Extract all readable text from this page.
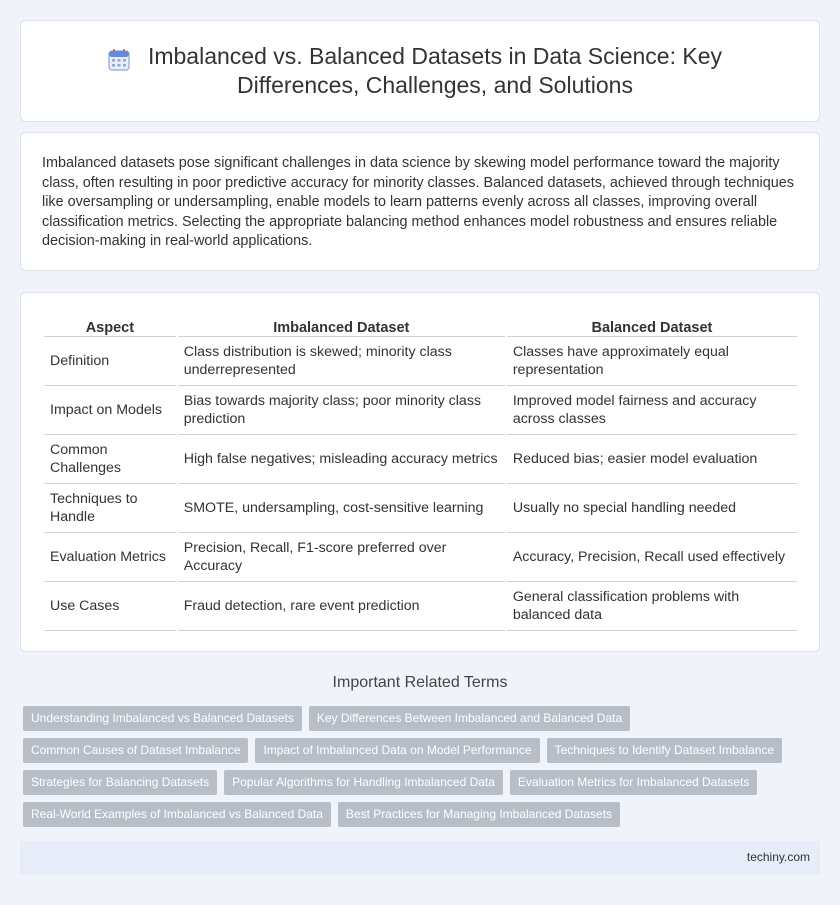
Imbalanced vs. Balanced Datasets in Data Science: Key Differences, Challenges, and Solutions

Imbalanced datasets pose significant challenges in data science by skewing model performance toward the majority class, often resulting in poor predictive accuracy for minority classes. Balanced datasets, achieved through techniques like oversampling or undersampling, enable models to learn patterns evenly across all classes, improving overall classification metrics. Selecting the appropriate balancing method enhances model robustness and ensures reliable decision-making in real-world applications.

Aspect	Imbalanced Dataset	Balanced Dataset
Definition	Class distribution is skewed; minority class underrepresented	Classes have approximately equal representation
Impact on Models	Bias towards majority class; poor minority class prediction	Improved model fairness and accuracy across classes
Common Challenges	High false negatives; misleading accuracy metrics	Reduced bias; easier model evaluation
Techniques to Handle	SMOTE, undersampling, cost-sensitive learning	Usually no special handling needed
Evaluation Metrics	Precision, Recall, F1-score preferred over Accuracy	Accuracy, Precision, Recall used effectively
Use Cases	Fraud detection, rare event prediction	General classification problems with balanced data
Important Related Terms
Understanding Imbalanced vs Balanced Datasets	Key Differences Between Imbalanced and Balanced Data
Common Causes of Dataset Imbalance	Impact of Imbalanced Data on Model Performance	Techniques to Identify Dataset Imbalance
Strategies for Balancing Datasets	Popular Algorithms for Handling Imbalanced Data	Evaluation Metrics for Imbalanced Datasets
Real-World Examples of Imbalanced vs Balanced Data	Best Practices for Managing Imbalanced Datasets
techiny.com
